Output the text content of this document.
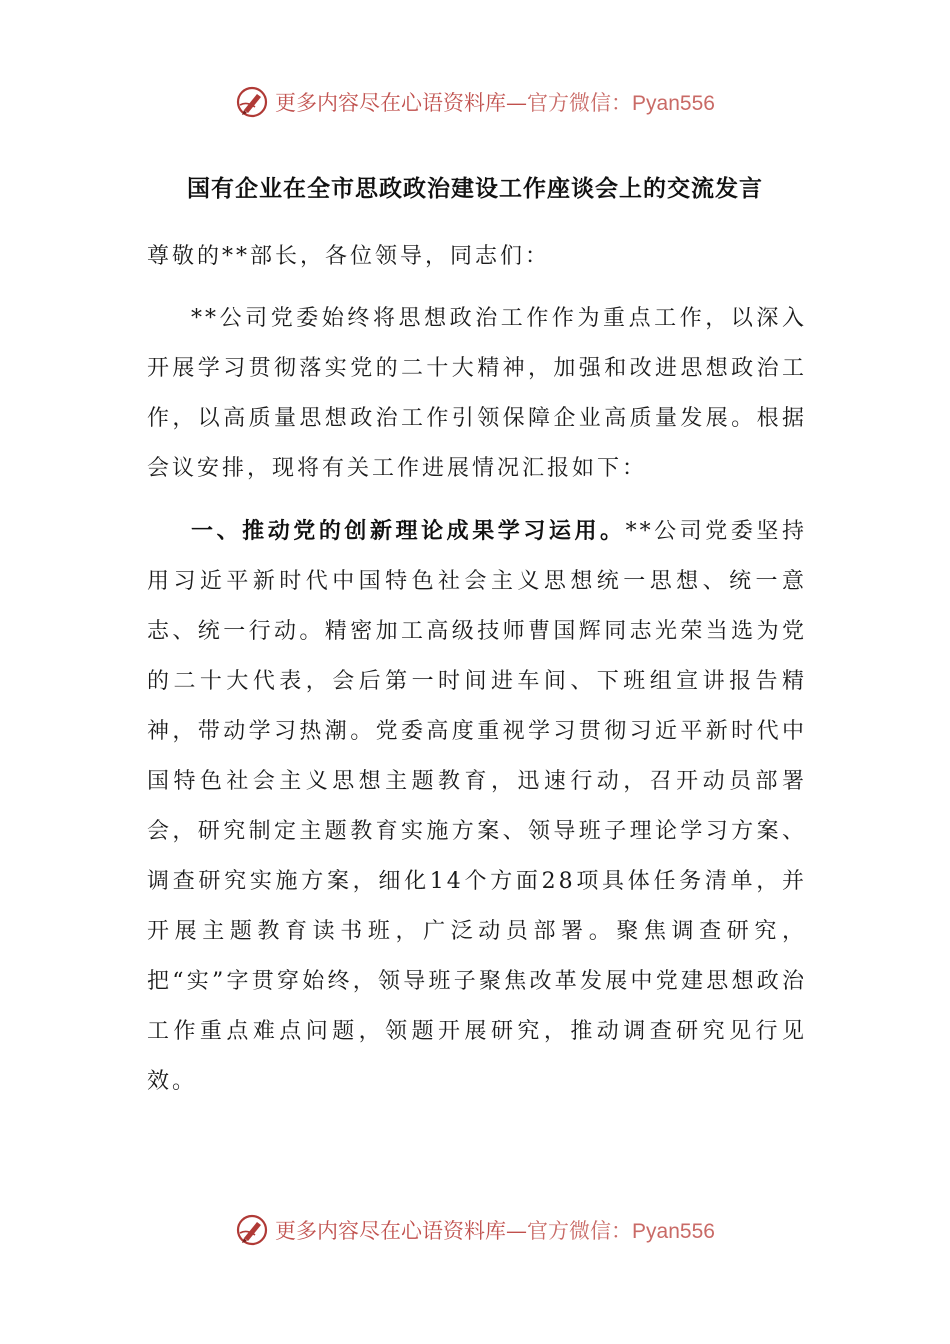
更多内容尽在心语资料库—官方微信：Pyan556
国有企业在全市思政政治建设工作座谈会上的交流发言

尊敬的**部长，各位领导，同志们：

**公司党委始终将思想政治工作作为重点工作，以深入开展学习贯彻落实党的二十大精神，加强和改进思想政治工作，以高质量思想政治工作引领保障企业高质量发展。根据会议安排，现将有关工作进展情况汇报如下：

一、推动党的创新理论成果学习运用。**公司党委坚持用习近平新时代中国特色社会主义思想统一思想、统一意志、统一行动。精密加工高级技师曹国辉同志光荣当选为党的二十大代表，会后第一时间进车间、下班组宣讲报告精神，带动学习热潮。党委高度重视学习贯彻习近平新时代中国特色社会主义思想主题教育，迅速行动，召开动员部署会，研究制定主题教育实施方案、领导班子理论学习方案、调查研究实施方案，细化14个方面28项具体任务清单，并开展主题教育读书班，广泛动员部署。聚焦调查研究，把“实”字贯穿始终，领导班子聚焦改革发展中党建思想政治工作重点难点问题，领题开展研究，推动调查研究见行见效。

更多内容尽在心语资料库—官方微信：Pyan556
